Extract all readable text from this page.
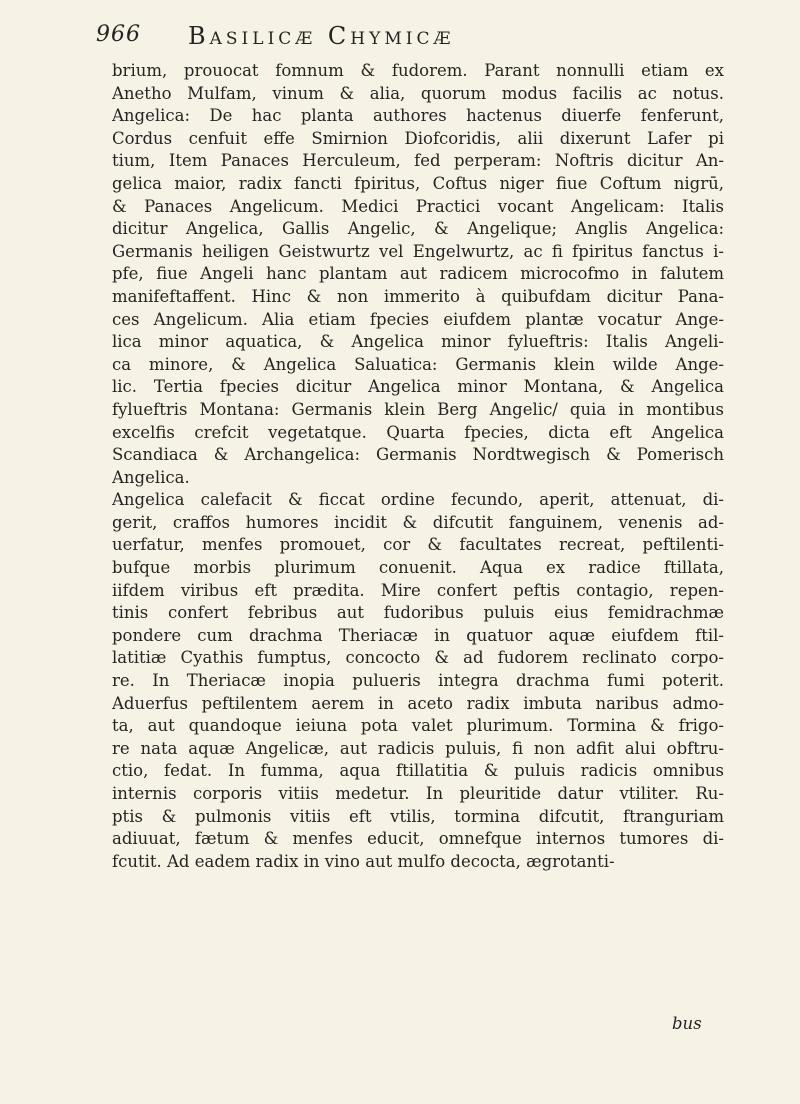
966 Basilicæ Chymicæ
brium, prouocat fomnum & fudorem. Parant nonnulli etiam ex
Anetho Mulfam, vinum & alia, quorum modus facilis ac notus.
Angelica: De hac planta authores hactenus diuerfe fenferunt,
Cordus cenfuit effe Smirnion Diofcoridis, alii dixerunt Lafer pi
tium, Item Panaces Herculeum, fed perperam: Noftris dicitur An-
gelica maior, radix fancti fpiritus, Coftus niger fiue Coftum nigrū,
& Panaces Angelicum. Medici Practici vocant Angelicam: Italis
dicitur Angelica, Gallis Angelic, & Angelique; Anglis Angelica:
Germanis heiligen Geistwurtz vel Engelwurtz, ac fi fpiritus fanctus i-
pfe, fiue Angeli hanc plantam aut radicem microcofmo in falutem
manifeftaffent. Hinc & non immerito à quibufdam dicitur Pana-
ces Angelicum. Alia etiam fpecies eiufdem plantæ vocatur Ange-
lica minor aquatica, & Angelica minor fylueftris: Italis Angeli-
ca minore, & Angelica Saluatica: Germanis klein wilde Ange-
lic. Tertia fpecies dicitur Angelica minor Montana, & Angelica
fylueftris Montana: Germanis klein Berg Angelic/ quia in montibus
excelfis crefcit vegetatque. Quarta fpecies, dicta eft Angelica
Scandiaca & Archangelica: Germanis Nordtwegisch & Pomerisch
Angelica.
Angelica calefacit & ficcat ordine fecundo, aperit, attenuat, di-
gerit, craffos humores incidit & difcutit fanguinem, venenis ad-
uerfatur, menfes promouet, cor & facultates recreat, peftilenti-
bufque morbis plurimum conuenit. Aqua ex radice ftillata,
iifdem viribus eft prædita. Mire confert peftis contagio, repen-
tinis confert febribus aut fudoribus puluis eius femidrachmæ
pondere cum drachma Theriacæ in quatuor aquæ eiufdem ftil-
latitiæ Cyathis fumptus, concocto & ad fudorem reclinato corpo-
re. In Theriacæ inopia pulueris integra drachma fumi poterit.
Aduerfus peftilentem aerem in aceto radix imbuta naribus admo-
ta, aut quandoque ieiuna pota valet plurimum. Tormina & frigo-
re nata aquæ Angelicæ, aut radicis puluis, fi non adfit alui obftru-
ctio, fedat. In fumma, aqua ftillatitia & puluis radicis omnibus
internis corporis vitiis medetur. In pleuritide datur vtiliter. Ru-
ptis & pulmonis vitiis eft vtilis, tormina difcutit, ftranguriam
adiuuat, fætum & menfes educit, omnefque internos tumores di-
fcutit. Ad eadem radix in vino aut mulfo decocta, ægrotanti-
bus
